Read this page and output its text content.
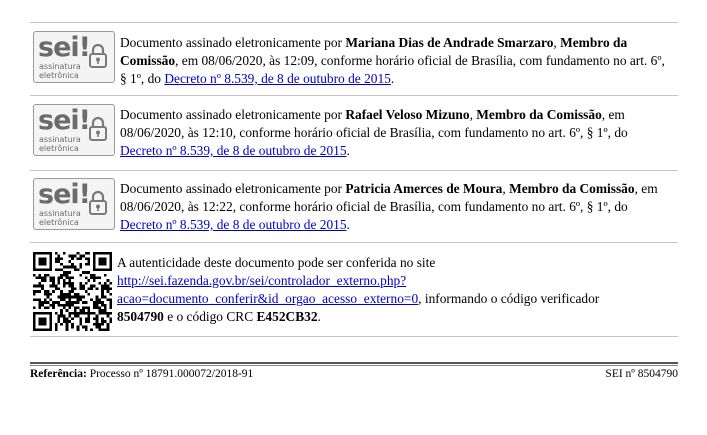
sei!
assinatura
eletrônica
Documento assinado eletronicamente por Mariana Dias de Andrade Smarzaro, Membro da Comissão, em 08/06/2020, às 12:09, conforme horário oficial de Brasília, com fundamento no art. 6º, § 1º, do Decreto nº 8.539, de 8 de outubro de 2015.
sei!
assinatura
eletrônica
Documento assinado eletronicamente por Rafael Veloso Mizuno, Membro da Comissão, em 08/06/2020, às 12:10, conforme horário oficial de Brasília, com fundamento no art. 6º, § 1º, do Decreto nº 8.539, de 8 de outubro de 2015.
sei!
assinatura
eletrônica
Documento assinado eletronicamente por Patricia Amerces de Moura, Membro da Comissão, em 08/06/2020, às 12:22, conforme horário oficial de Brasília, com fundamento no art. 6º, § 1º, do Decreto nº 8.539, de 8 de outubro de 2015.
A autenticidade deste documento pode ser conferida no site
http://sei.fazenda.gov.br/sei/controlador_externo.php?
acao=documento_conferir&id_orgao_acesso_externo=0, informando o código verificador
8504790 e o código CRC E452CB32.
Referência: Processo nº 18791.000072/2018-91	SEI nº 8504790
